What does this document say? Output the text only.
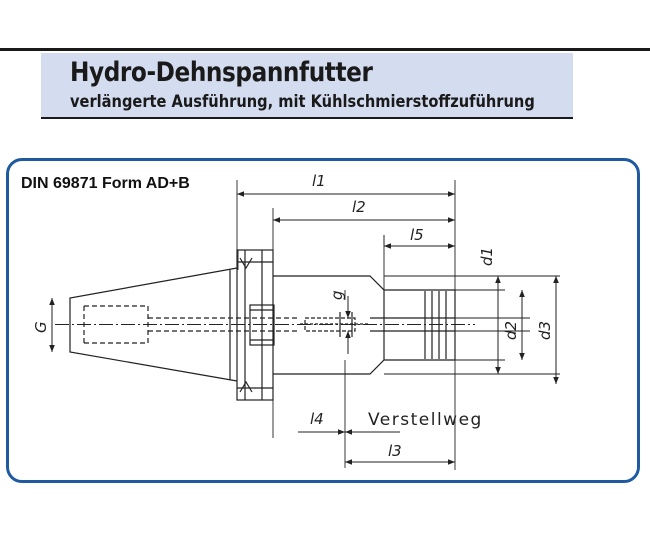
Hydro-Dehnspannfutter
verlängerte Ausführung, mit Kühlschmierstoffzuführung
DIN 69871 Form AD+B	l1
l2
l5
l4
l3
d1
d2 d3
g
G
Verstellweg
